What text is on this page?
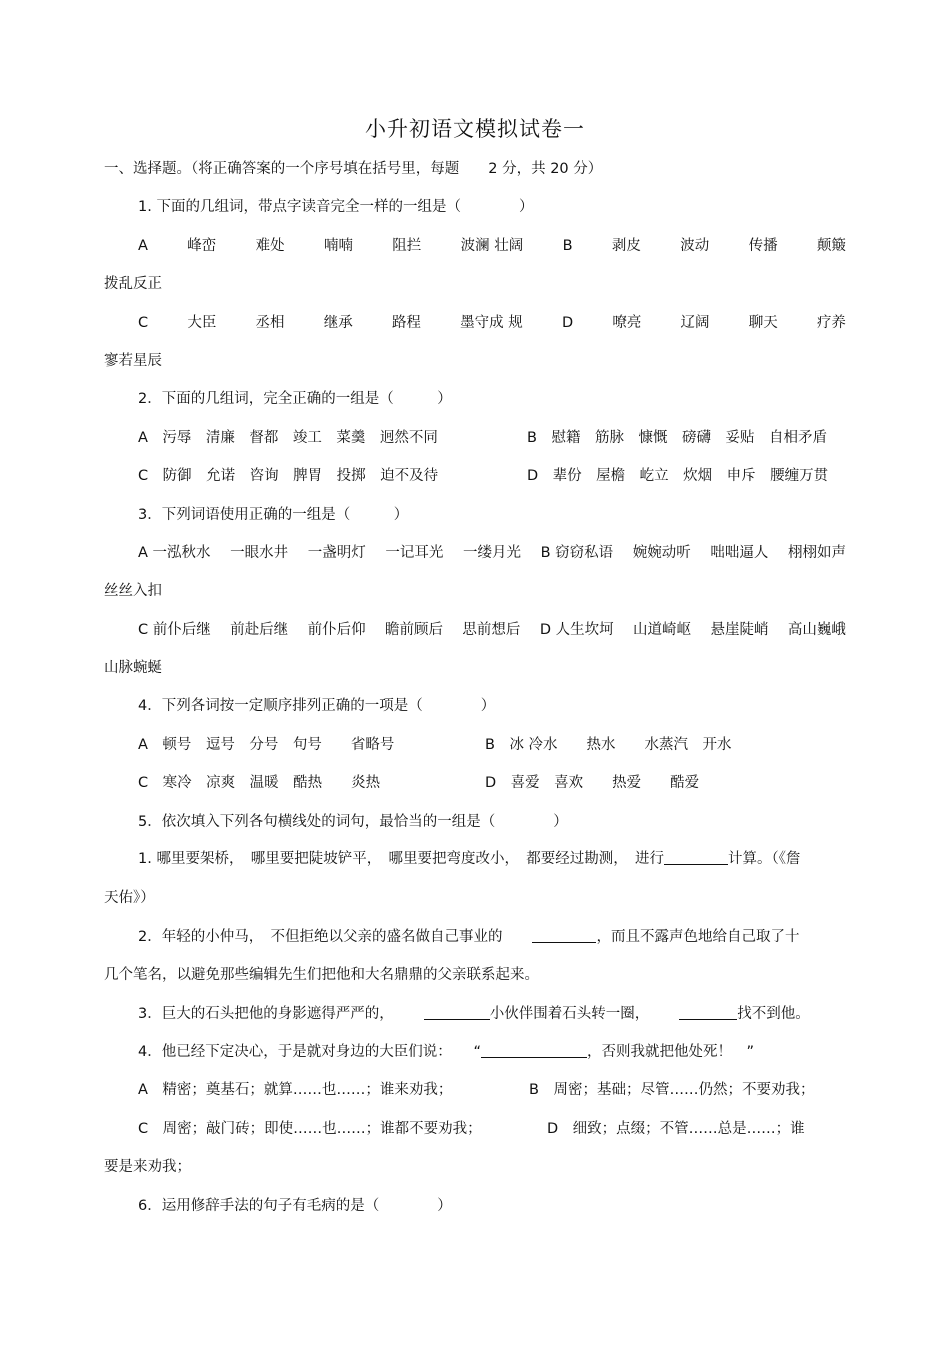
小升初语文模拟试卷一
一、选择题。（将正确答案的一个序号填在括号里，每题　　2 分，共 20 分）
1. 下面的几组词，带点字读音完全一样的一组是（　　　　）
A	峰峦	难处	喃喃	阻拦	波澜 壮阔	B	剥皮	波动	传播	颠簸
拨乱反正
C	大臣	丞相	继承	路程	墨守成 规	D	嘹亮	辽阔	聊天	疗养
寥若星辰
2．下面的几组词，完全正确的一组是（　　　）
A　污辱　清廉　督都　竣工　菜羹　迥然不同	B　慰籍　筋脉　慷慨　磅礴　妥贴　自相矛盾
C　防御　允诺　咨询　脾胃　投掷　迫不及待	D　辈份　屋檐　屹立　炊烟　申斥　腰缠万贯
3．下列词语使用正确的一组是（　　　）
A 一泓秋水 一眼水井 一盏明灯 一记耳光 一缕月光 B 窃窃私语 婉婉动听 咄咄逼人 栩栩如声
丝丝入扣
C 前仆后继 前赴后继 前仆后仰 瞻前顾后 思前想后 D 人生坎坷 山道崎岖 悬崖陡峭 高山巍峨
山脉蜿蜒
4．下列各词按一定顺序排列正确的一项是（　　　　）
A　顿号　逗号　分号　句号　　省略号	B　冰 冷水　　热水　　水蒸汽　开水
C　寒冷　凉爽　温暖　酷热　　炎热	D　喜爱　喜欢　　热爱　　酷爱
5．依次填入下列各句横线处的词句，最恰当的一组是（　　　　）
1. 哪里要架桥，　哪里要把陡坡铲平，　哪里要把弯度改小，　都要经过勘测，　进行	计算。（《詹
天佑》）
2．年轻的小仲马，　不但拒绝以父亲的盛名做自己事业的	，而且不露声色地给自己取了十
几个笔名，以避免那些编辑先生们把他和大名鼎鼎的父亲联系起来。
3．巨大的石头把他的身影遮得严严的，	小伙伴围着石头转一圈，	找不到他。
4．他已经下定决心，于是就对身边的大臣们说：　　“	，否则我就把他处死！　”
A　精密；奠基石；就算……也……；谁来劝我；	B　周密；基础；尽管……仍然；不要劝我；
C　周密；敲门砖；即使……也……；谁都不要劝我；	D　细致；点缀；不管……总是……；谁
要是来劝我；
6．运用修辞手法的句子有毛病的是（　　　　）
